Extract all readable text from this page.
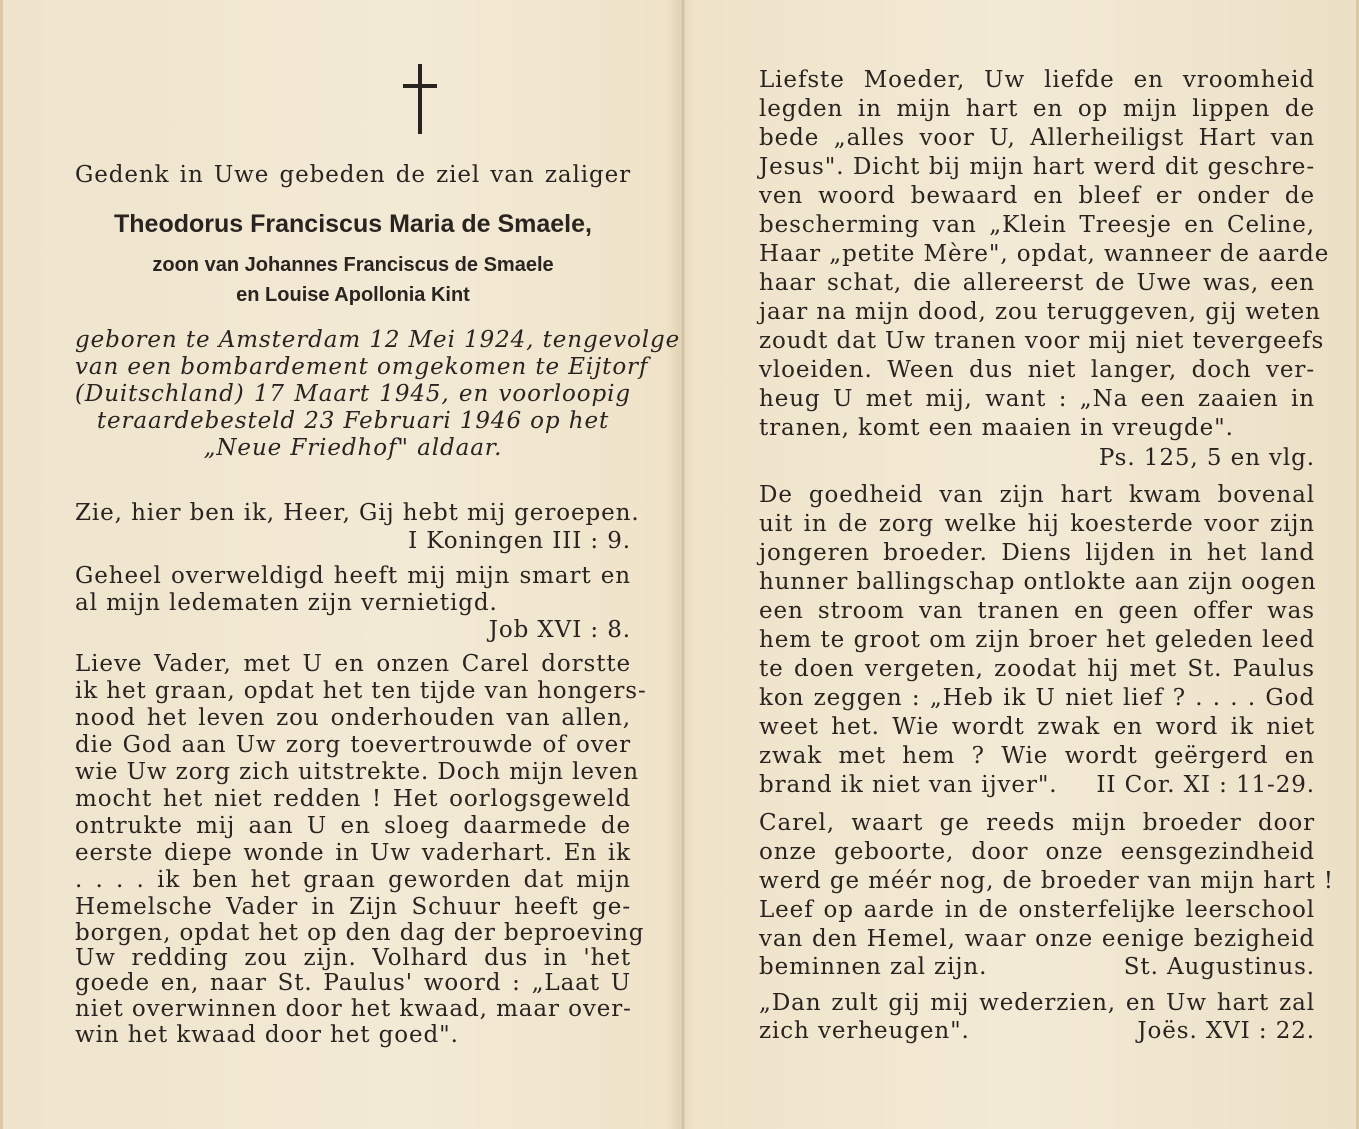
Gedenk in Uwe gebeden de ziel van zaliger
Theodorus Franciscus Maria de Smaele,
zoon van Johannes Franciscus de Smaele
en Louise Apollonia Kint
geboren te Amsterdam 12 Mei 1924, tengevolge
van een bombardement omgekomen te Eijtorf
(Duitschland) 17 Maart 1945, en voorloopig
teraardebesteld 23 Februari 1946 op het
„Neue Friedhof" aldaar.
Zie, hier ben ik, Heer, Gij hebt mij geroepen.
I Koningen III : 9.
Geheel overweldigd heeft mij mijn smart en
al mijn ledematen zijn vernietigd.
Job XVI : 8.
Lieve Vader, met U en onzen Carel dorstte
ik het graan, opdat het ten tijde van hongers-
nood het leven zou onderhouden van allen,
die God aan Uw zorg toevertrouwde of over
wie Uw zorg zich uitstrekte. Doch mijn leven
mocht het niet redden ! Het oorlogsgeweld
ontrukte mij aan U en sloeg daarmede de
eerste diepe wonde in Uw vaderhart. En ik
. . . . ik ben het graan geworden dat mijn
Hemelsche Vader in Zijn Schuur heeft ge-
borgen, opdat het op den dag der beproeving
Uw redding zou zijn. Volhard dus in 'het
goede en, naar St. Paulus' woord : „Laat U
niet overwinnen door het kwaad, maar over-
win het kwaad door het goed".
Liefste Moeder, Uw liefde en vroomheid
legden in mijn hart en op mijn lippen de
bede „alles voor U, Allerheiligst Hart van
Jesus". Dicht bij mijn hart werd dit geschre-
ven woord bewaard en bleef er onder de
bescherming van „Klein Treesje en Celine,
Haar „petite Mère", opdat, wanneer de aarde
haar schat, die allereerst de Uwe was, een
jaar na mijn dood, zou teruggeven, gij weten
zoudt dat Uw tranen voor mij niet tevergeefs
vloeiden. Ween dus niet langer, doch ver-
heug U met mij, want : „Na een zaaien in
tranen, komt een maaien in vreugde".
Ps. 125, 5 en vlg.
De goedheid van zijn hart kwam bovenal
uit in de zorg welke hij koesterde voor zijn
jongeren broeder. Diens lijden in het land
hunner ballingschap ontlokte aan zijn oogen
een stroom van tranen en geen offer was
hem te groot om zijn broer het geleden leed
te doen vergeten, zoodat hij met St. Paulus
kon zeggen : „Heb ik U niet lief ? . . . . God
weet het. Wie wordt zwak en word ik niet
zwak met hem ? Wie wordt geërgerd en
brand ik niet van ijver". II Cor. XI : 11-29.
Carel, waart ge reeds mijn broeder door
onze geboorte, door onze eensgezindheid
werd ge méér nog, de broeder van mijn hart !
Leef op aarde in de onsterfelijke leerschool
van den Hemel, waar onze eenige bezigheid
beminnen zal zijn.	St. Augustinus.
„Dan zult gij mij wederzien, en Uw hart zal
zich verheugen".	Joës. XVI : 22.
